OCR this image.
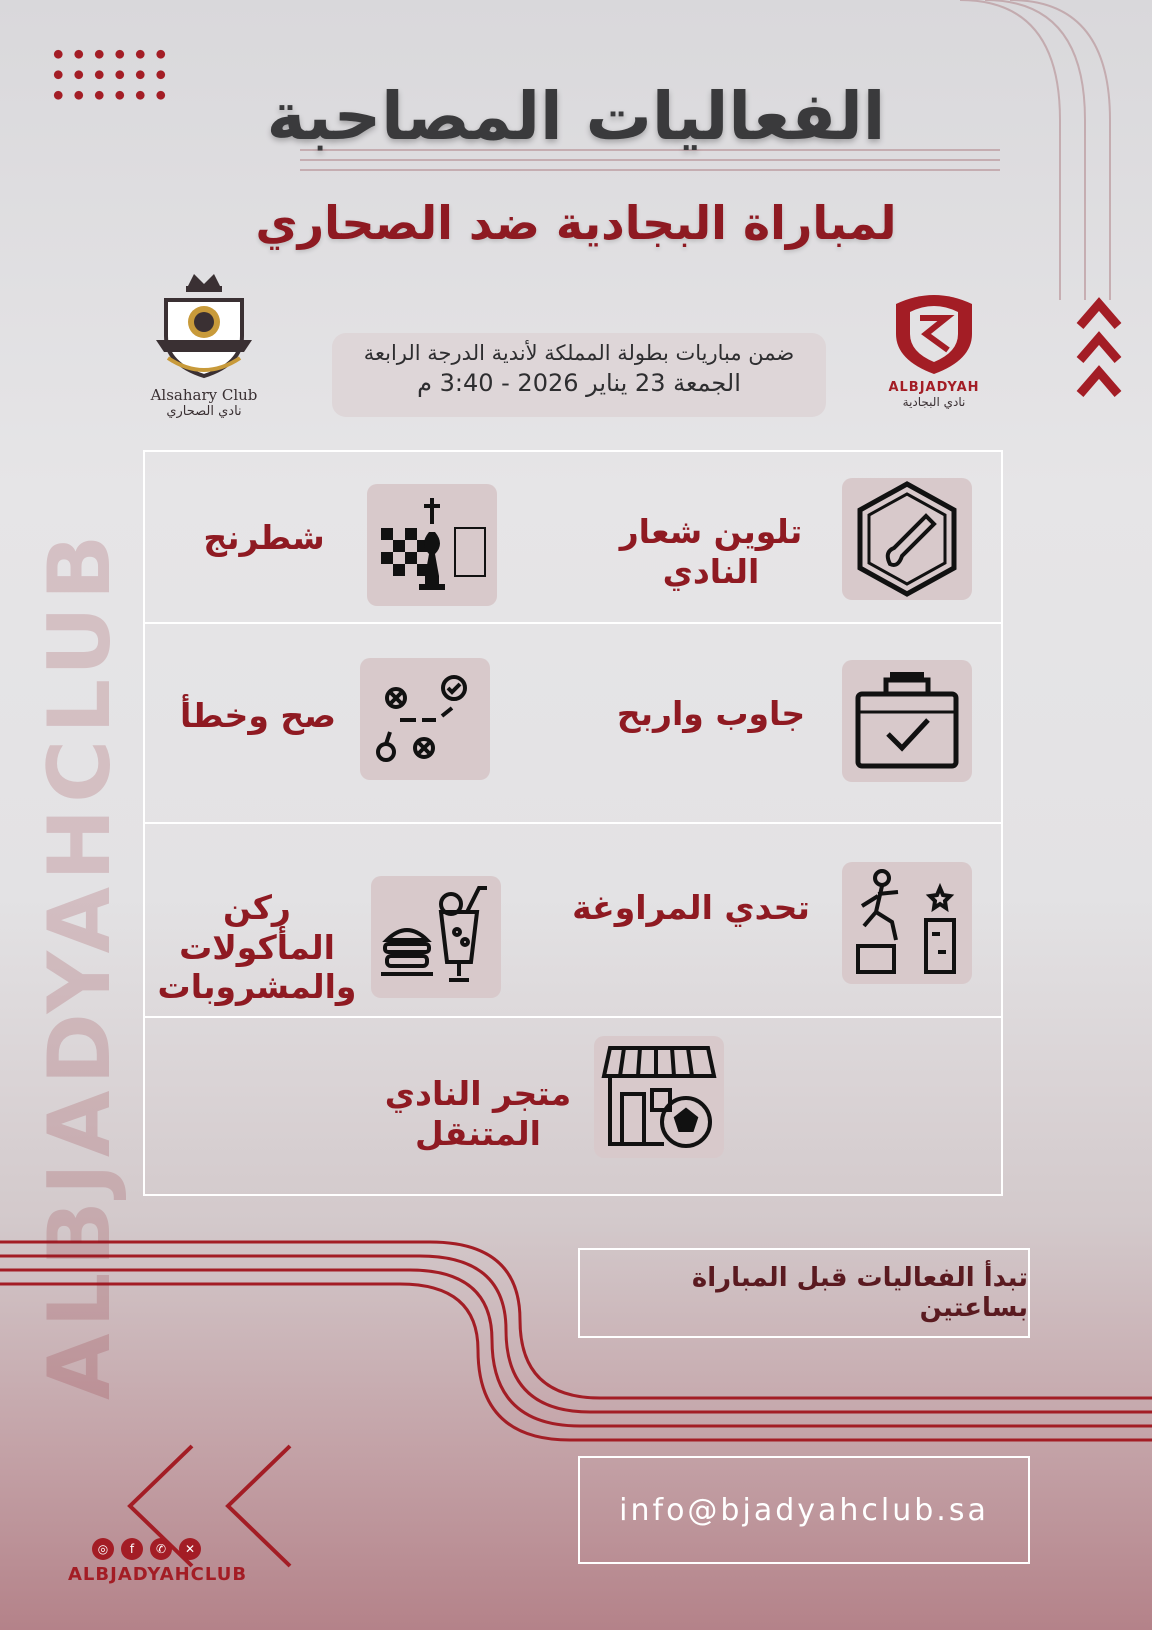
ALBJADYAHCLUB
الفعاليات المصاحبة
لمباراة البجادية ضد الصحاري
Alsahary Club
نادي الصحاري
ضمن مباريات بطولة المملكة لأندية الدرجة الرابعة
الجمعة 23 يناير 2026 - 3:40 م	ALBJADYAH
نادي البجادية
تلوين شعار النادي
شطرنج
جاوب واربح
صح وخطأ
تحدي المراوغة
ركن المأكولات والمشروبات
متجر النادي المتنقل
تبدأ الفعاليات قبل المباراة بساعتين
info@bjadyahclub.sa
◎	f	✆	✕
ALBJADYAHCLUB
